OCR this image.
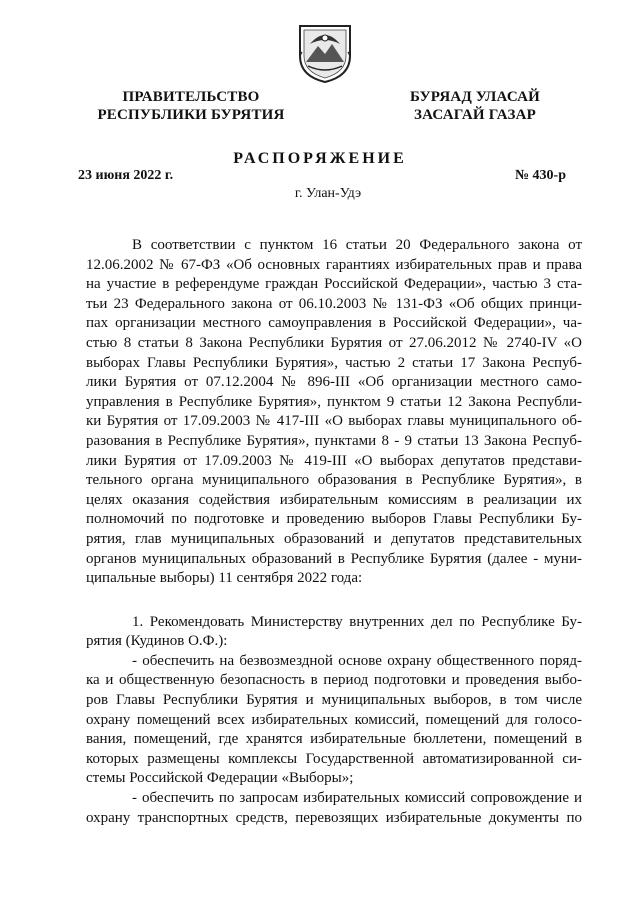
ПРАВИТЕЛЬСТВО
РЕСПУБЛИКИ БУРЯТИЯ
БУРЯАД УЛАСАЙ
ЗАСАГАЙ ГАЗАР
РАСПОРЯЖЕНИЕ
23 июня 2022 г.	№ 430-р
г. Улан-Удэ

В соответствии с пунктом 16 статьи 20 Федерального закона от

12.06.2002 № 67-ФЗ «Об основных гарантиях избирательных прав и права

на участие в референдуме граждан Российской Федерации», частью 3 ста-

тьи 23 Федерального закона от 06.10.2003 № 131-ФЗ «Об общих принци-

пах организации местного самоуправления в Российской Федерации», ча-

стью 8 статьи 8 Закона Республики Бурятия от 27.06.2012 № 2740-IV «О

выборах Главы Республики Бурятия», частью 2 статьи 17 Закона Респуб-

лики Бурятия от 07.12.2004 № 896-III «Об организации местного само-

управления в Республике Бурятия», пунктом 9 статьи 12 Закона Республи-

ки Бурятия от 17.09.2003 № 417-III «О выборах главы муниципального об-

разования в Республике Бурятия», пунктами 8 - 9 статьи 13 Закона Респуб-

лики Бурятия от 17.09.2003 № 419-III «О выборах депутатов представи-

тельного органа муниципального образования в Республике Бурятия», в

целях оказания содействия избирательным комиссиям в реализации их

полномочий по подготовке и проведению выборов Главы Республики Бу-

рятия, глав муниципальных образований и депутатов представительных

органов муниципальных образований в Республике Бурятия (далее - муни-

ципальные выборы) 11 сентября 2022 года:

1. Рекомендовать Министерству внутренних дел по Республике Бу-

рятия (Кудинов О.Ф.):

- обеспечить на безвозмездной основе охрану общественного поряд-

ка и общественную безопасность в период подготовки и проведения выбо-

ров Главы Республики Бурятия и муниципальных выборов, в том числе

охрану помещений всех избирательных комиссий, помещений для голосо-

вания, помещений, где хранятся избирательные бюллетени, помещений в

которых размещены комплексы Государственной автоматизированной си-

стемы Российской Федерации «Выборы»;

- обеспечить по запросам избирательных комиссий сопровождение и

охрану транспортных средств, перевозящих избирательные документы по
